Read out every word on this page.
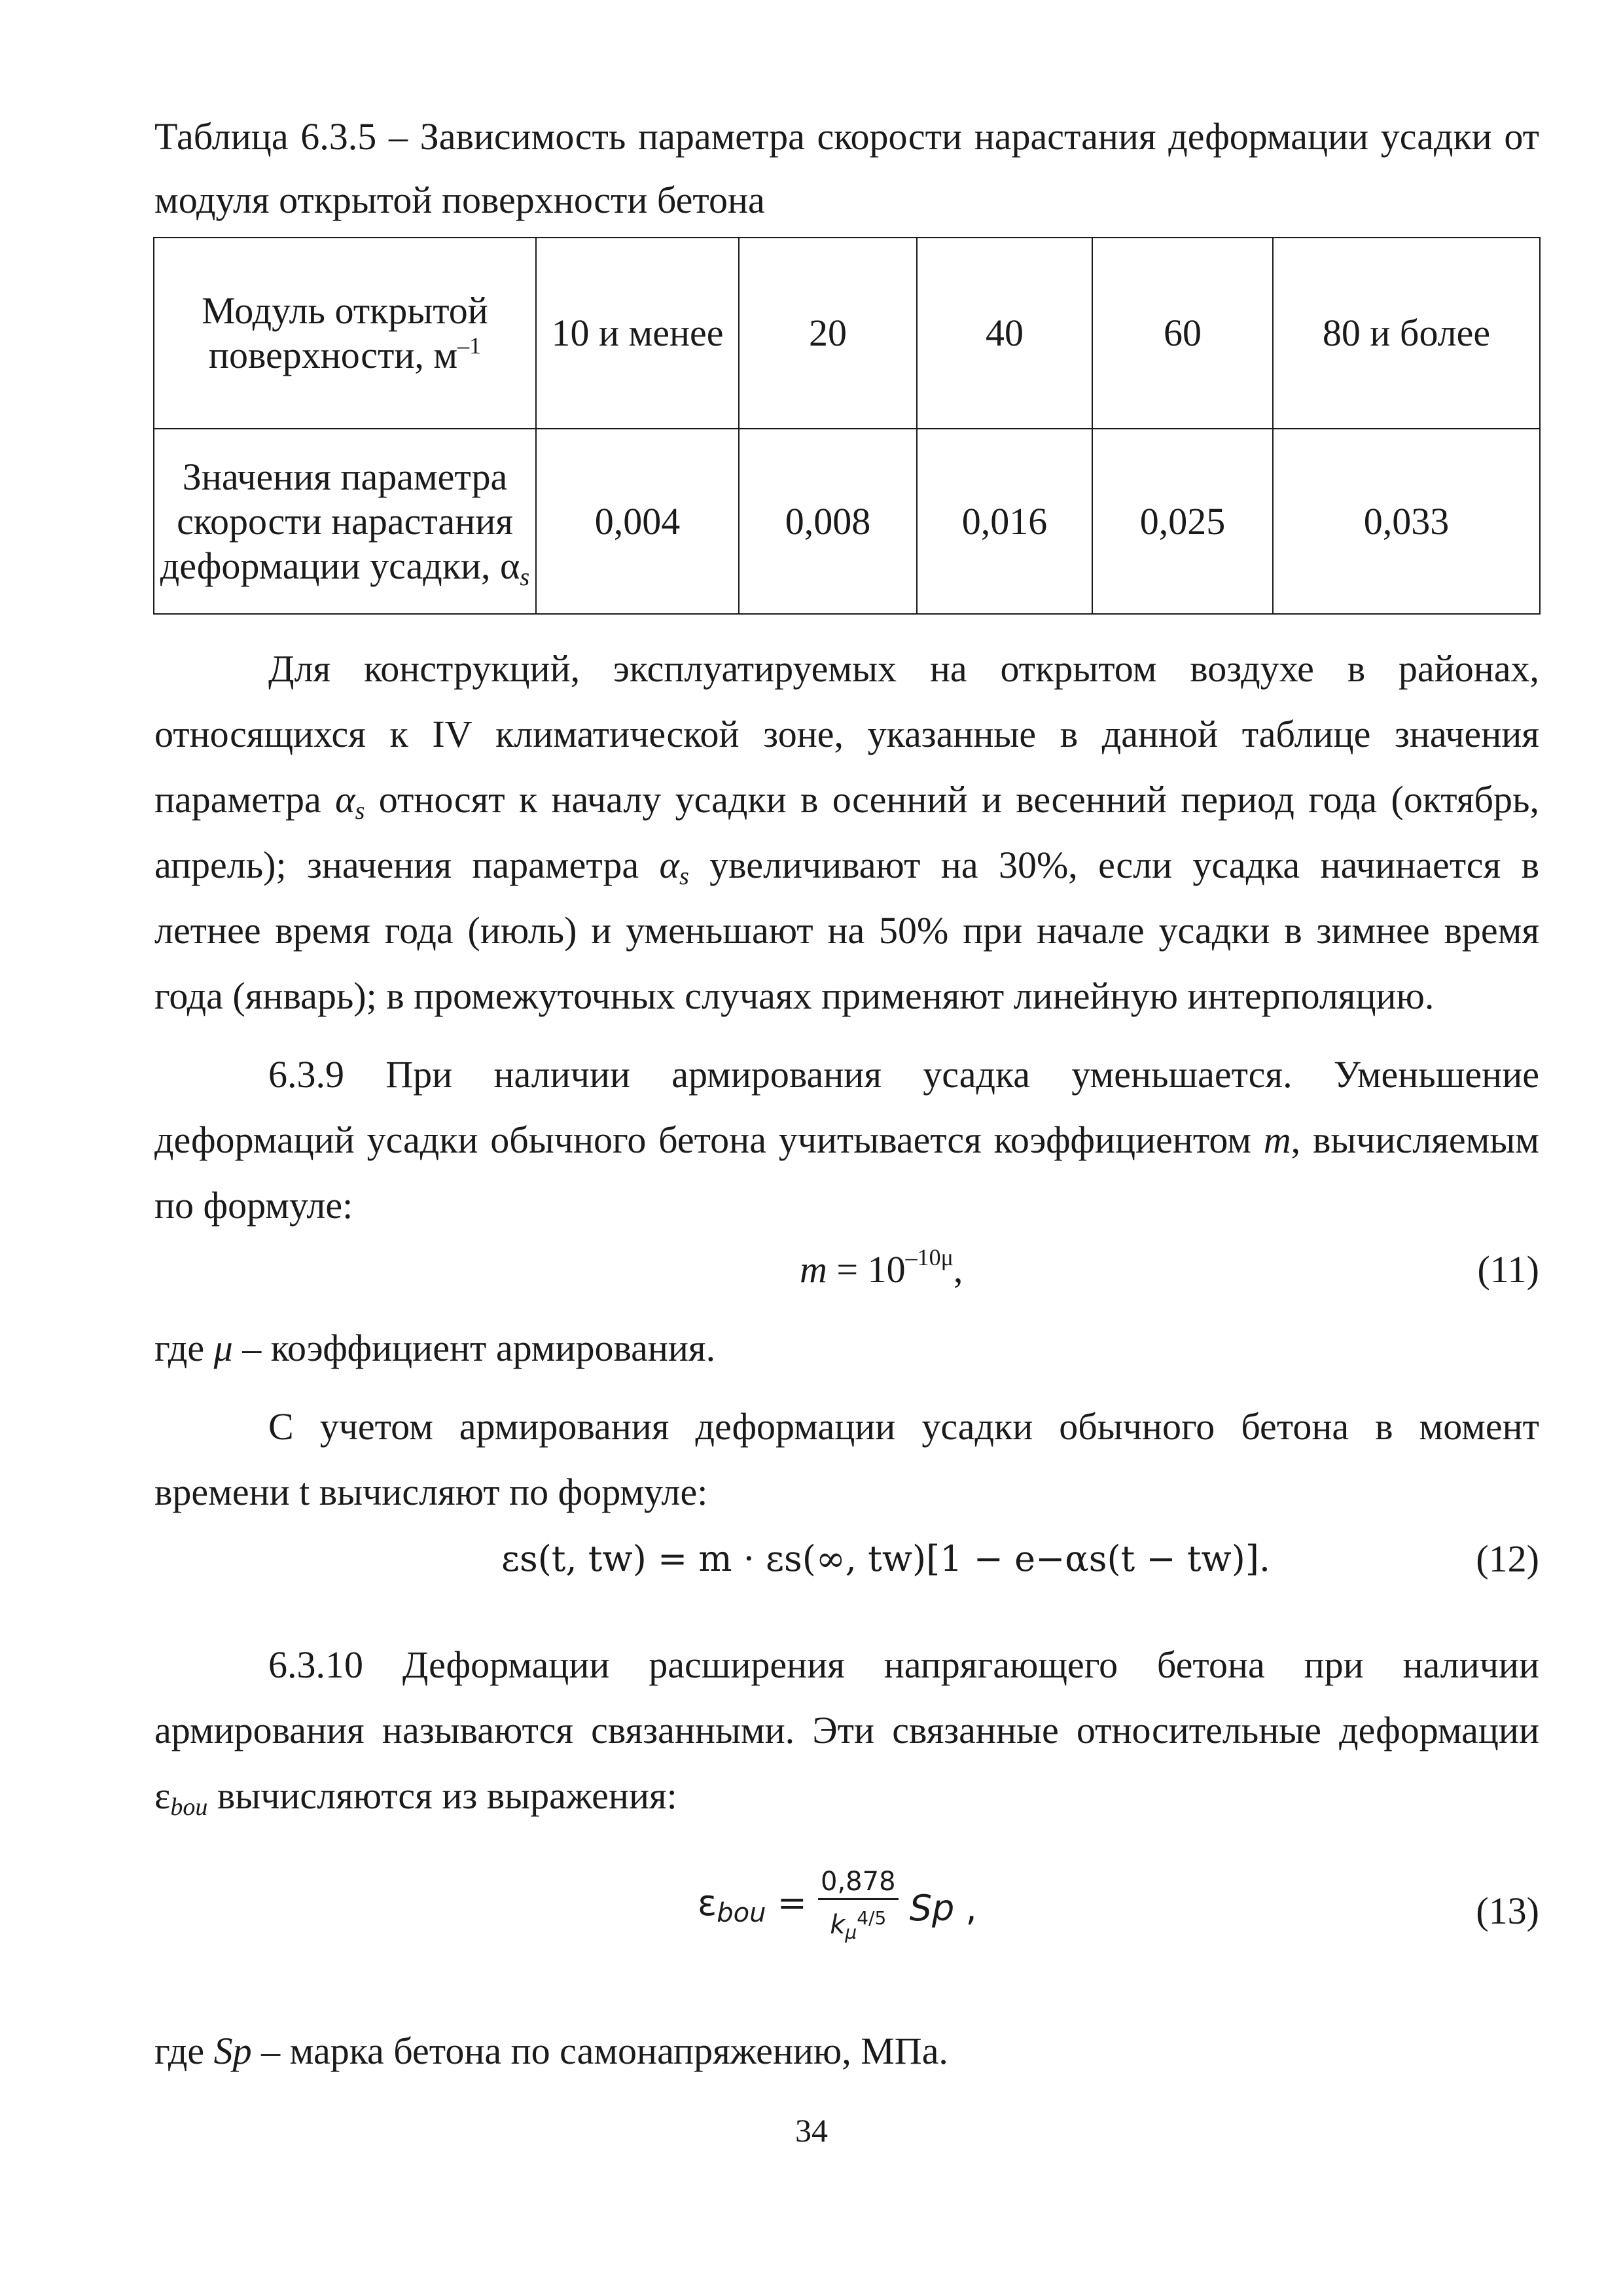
Таблица 6.3.5 – Зависимость параметра скорости нарастания деформации усадки от
модуля открытой поверхности бетона

Модуль открытой
поверхности, $м^{-1}$	10 и менее	20	40	60	80 и более
Значения параметра
скорости нарастания
деформации усадки, αs	0,004	0,008	0,016	0,025	0,033
Для конструкций, эксплуатируемых на открытом воздухе в районах,
относящихся к IV климатической зоне, указанные в данной таблице значения
параметра αs относят к началу усадки в осенний и весенний период года (октябрь,
апрель); значения параметра αs увеличивают на 30%, если усадка начинается в
летнее время года (июль) и уменьшают на 50% при начале усадки в зимнее время
года (январь); в промежуточных случаях применяют линейную интерполяцию.
6.3.9 При наличии армирования усадка уменьшается. Уменьшение
деформаций усадки обычного бетона учитывается коэффициентом m, вычисляемым
по формуле:
$m = 10^{-10\mu}$,	(11)
где μ – коэффициент армирования.
С учетом армирования деформации усадки обычного бетона в момент
времени t вычисляют по формуле:
εs(t, tw) = m · εs(∞, tw)[1 − e−αs(t − tw)].	(12)
6.3.10 Деформации расширения напрягающего бетона при наличии
армирования называются связанными. Эти связанные относительные деформации
εbou вычисляются из выражения:
$\varepsilon bou = \frac{0,878}{k_\mu^{4/5}}$ Sp ,	(13)
где Sp – марка бетона по самонапряжению, МПа.
34
